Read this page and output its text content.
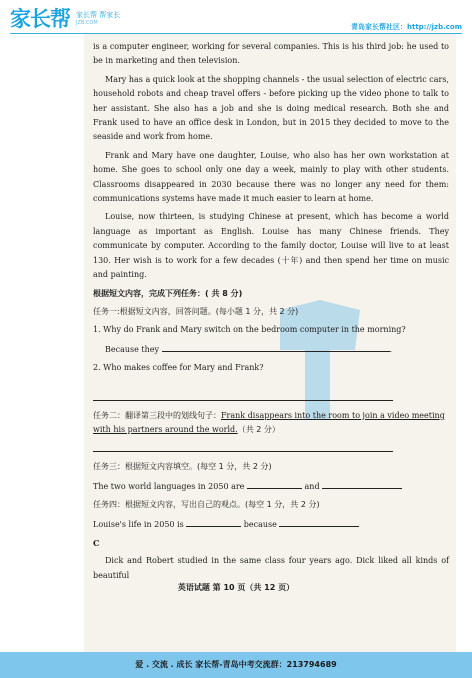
家长帮 家长帮 帮家长
JZB.COM	青岛家长帮社区：http://jzb.com

is a computer engineer, working for several companies. This is his third job: he used to be in marketing and then television.

Mary has a quick look at the shopping channels - the usual selection of electric cars, household robots and cheap travel offers - before picking up the video phone to talk to her assistant. She also has a job and she is doing medical research. Both she and Frank used to have an office desk in London, but in 2015 they decided to move to the seaside and work from home.

Frank and Mary have one daughter, Louise, who also has her own workstation at home. She goes to school only one day a week, mainly to play with other students. Classrooms disappeared in 2030 because there was no longer any need for them: communications systems have made it much easier to learn at home.

Louise, now thirteen, is studying Chinese at present, which has become a world language as important as English. Louise has many Chinese friends. They communicate by computer. According to the family doctor, Louise will live to at least 130. Her wish is to work for a few decades (十年) and then spend her time on music and painting.

根据短文内容，完成下列任务：( 共 8 分)

任务一:根据短文内容，回答问题。(每小题 1 分，共 2 分)

1. Why do Frank and Mary switch on the bedroom computer in the morning?

Because they	.

2. Who makes coffee for Mary and Frank?

任务二：翻译第三段中的划线句子：Frank disappears into the room to join a video meeting
with his partners around the world.（共 2 分）

任务三：根据短文内容填空。(每空 1 分，共 2 分)

The two world languages in 2050 are	and

任务四：根据短文内容，写出自己的观点。(每空 1 分，共 2 分)

Louise's life in 2050 is	because

C

Dick and Robert studied in the same class four years ago. Dick liked all kinds of beautiful

英语试题 第 10 页（共 12 页）
爱 . 交流 . 成长 家长帮-青岛中考交流群：213794689
